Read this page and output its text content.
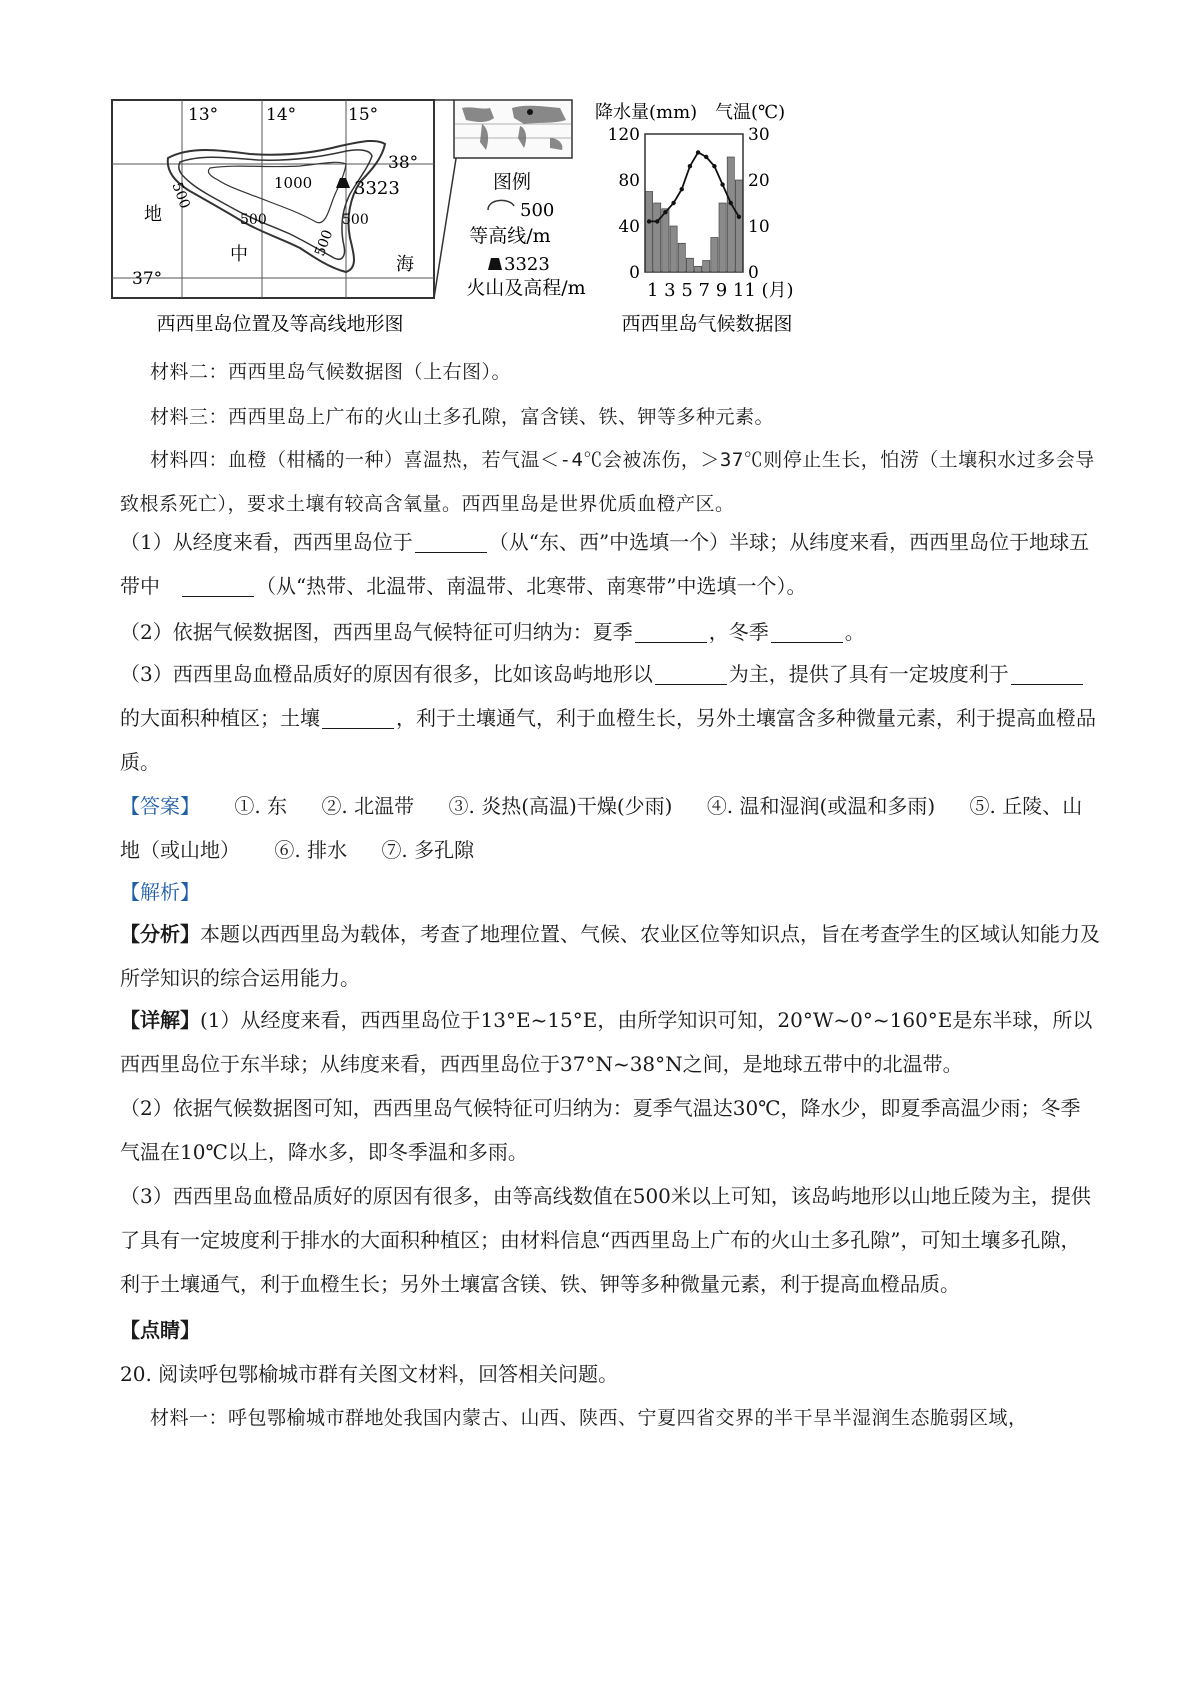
3323
13°	14°	15°
38°
37°
1000
500
500	500
500
地
中	海
图例
500
等高线/m
3323
火山及高程/m
西西里岛位置及等高线地形图
120
80
40
0
30
20
10
0
降水量(mm) 气温(℃)
1 3 5 7 9 11 (月)
西西里岛气候数据图
材料二：西西里岛气候数据图（上右图）。
材料三：西西里岛上广布的火山土多孔隙，富含镁、铁、钾等多种元素。
材料四：血橙（柑橘的一种）喜温热，若气温＜-4℃会被冻伤，＞37℃则停止生长，怕涝（土壤积水过多会导致根系死亡），要求土壤有较高含氧量。西西里岛是世界优质血橙产区。
（1）从经度来看，西西里岛位于	（从“东、西”中选填一个）半球；从纬度来看，西西里岛位于地球五带中　	（从“热带、北温带、南温带、北寒带、南寒带”中选填一个）。
（2）依据气候数据图，西西里岛气候特征可归纳为：夏季	，冬季	。
（3）西西里岛血橙品质好的原因有很多，比如该岛屿地形以	为主，提供了具有一定坡度利于的大面积种植区；土壤	，利于土壤通气，利于血橙生长，另外土壤富含多种微量元素，利于提高血橙品质。
【答案】 ①. 东 ②. 北温带 ③. 炎热(高温)干燥(少雨) ④. 温和湿润(或温和多雨) ⑤. 丘陵、山地（或山地） ⑥. 排水 ⑦. 多孔隙
【解析】
【分析】本题以西西里岛为载体，考查了地理位置、气候、农业区位等知识点，旨在考查学生的区域认知能力及所学知识的综合运用能力。
【详解】(1）从经度来看，西西里岛位于13°E~15°E，由所学知识可知，20°W~0°~160°E是东半球，所以西西里岛位于东半球；从纬度来看，西西里岛位于37°N~38°N之间，是地球五带中的北温带。
（2）依据气候数据图可知，西西里岛气候特征可归纳为：夏季气温达30℃，降水少，即夏季高温少雨；冬季气温在10℃以上，降水多，即冬季温和多雨。
（3）西西里岛血橙品质好的原因有很多，由等高线数值在500米以上可知，该岛屿地形以山地丘陵为主，提供了具有一定坡度利于排水的大面积种植区；由材料信息“西西里岛上广布的火山土多孔隙”，可知土壤多孔隙，利于土壤通气，利于血橙生长；另外土壤富含镁、铁、钾等多种微量元素，利于提高血橙品质。
【点睛】
20. 阅读呼包鄂榆城市群有关图文材料，回答相关问题。
材料一：呼包鄂榆城市群地处我国内蒙古、山西、陕西、宁夏四省交界的半干旱半湿润生态脆弱区域，
